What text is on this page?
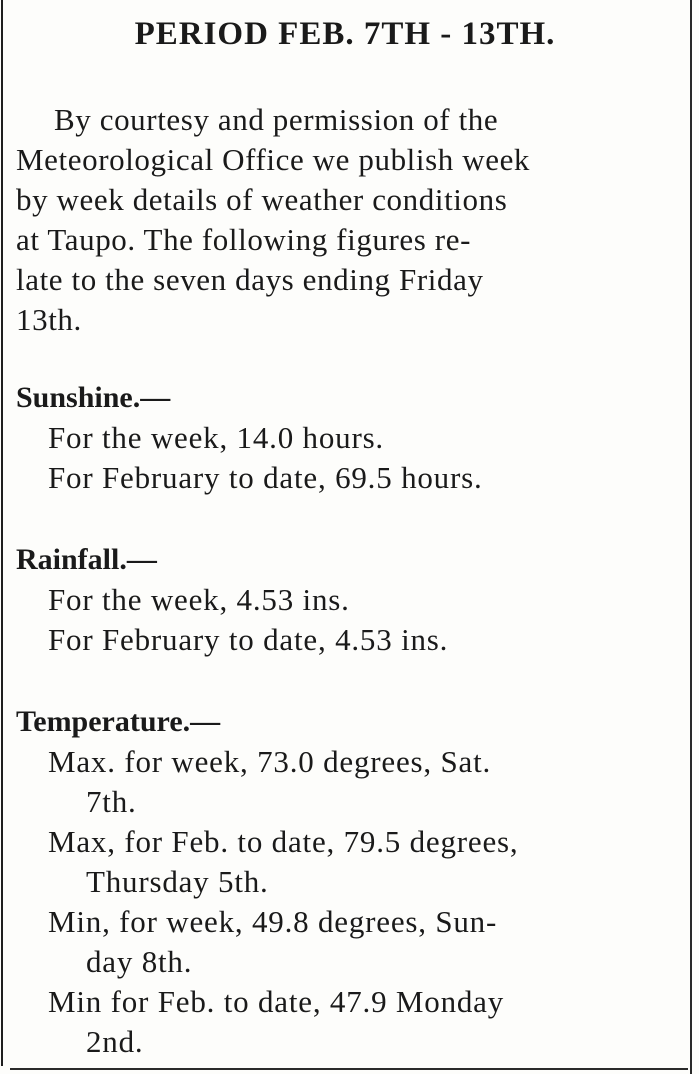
PERIOD FEB. 7TH - 13TH.

By courtesy and permission of the
Meteorological Office we publish week
by week details of weather conditions
at Taupo. The following figures re-
late to the seven days ending Friday
13th.

Sunshine.—

For the week, 14.0 hours.

For February to date, 69.5 hours.

Rainfall.—

For the week, 4.53 ins.

For February to date, 4.53 ins.

Temperature.—

Max. for week, 73.0 degrees, Sat.
7th.

Max, for Feb. to date, 79.5 degrees,
Thursday 5th.

Min, for week, 49.8 degrees, Sun-
day 8th.

Min for Feb. to date, 47.9 Monday
2nd.
